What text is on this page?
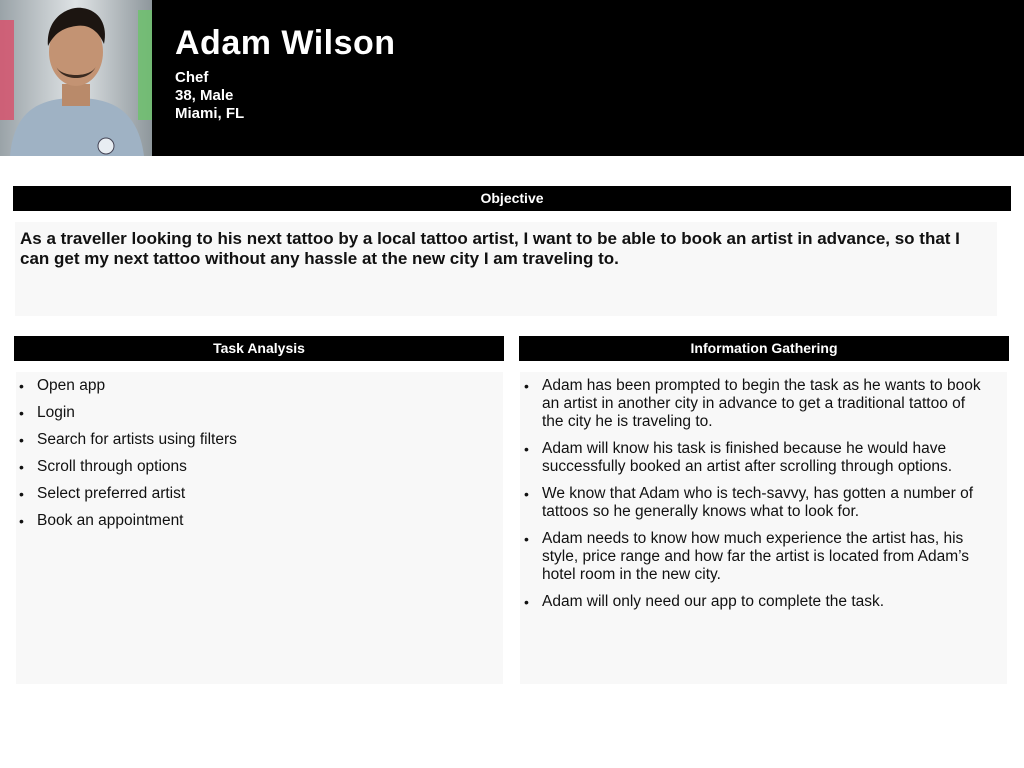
Adam Wilson
Chef
38, Male
Miami, FL
Objective
As a traveller looking to his next tattoo by a local tattoo artist, I want to be able to book an artist in advance, so that I can get my next tattoo without any hassle at the new city I am traveling to.
Task Analysis
• Open app
• Login
• Search for artists using filters
• Scroll through options
• Select preferred artist
• Book an appointment
Information Gathering
• Adam has been prompted to begin the task as he wants to book an artist in another city in advance to get a traditional tattoo of the city he is traveling to.
• Adam will know his task is finished because he would have successfully booked an artist after scrolling through options.
• We know that Adam who is tech-savvy, has gotten a number of tattoos so he generally knows what to look for.
• Adam needs to know how much experience the artist has, his style, price range and how far the artist is located from Adam’s hotel room in the new city.
• Adam will only need our app to complete the task.
